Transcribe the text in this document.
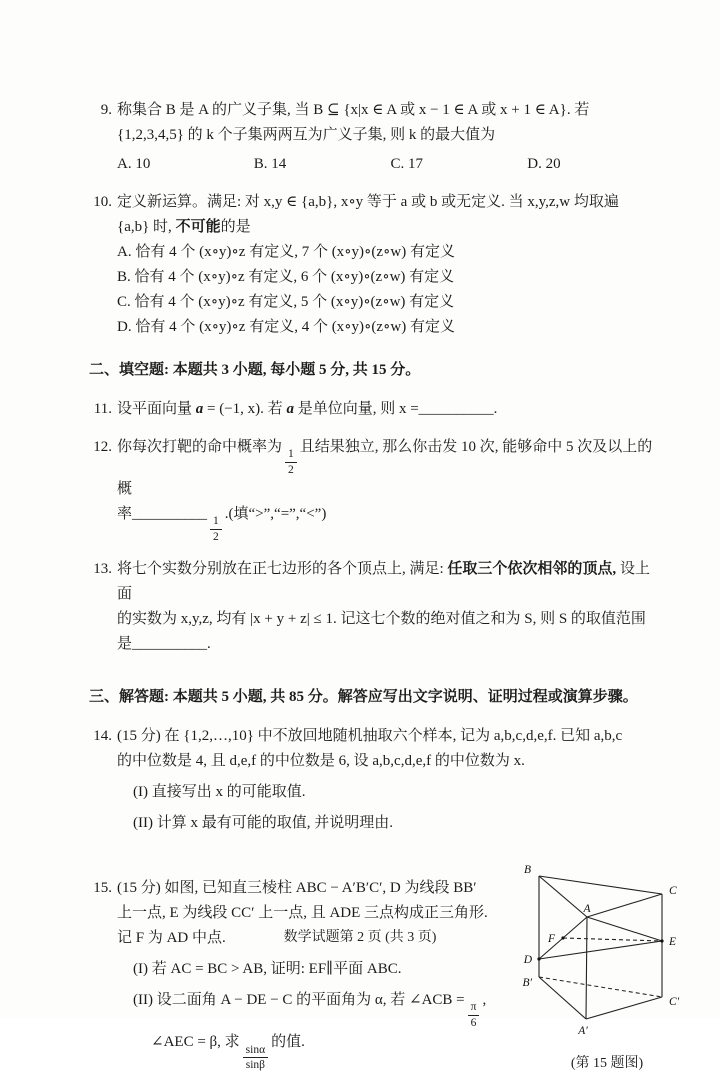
9. 称集合 B 是 A 的广义子集, 当 B ⊆ {x|x ∈ A 或 x − 1 ∈ A 或 x + 1 ∈ A}. 若
{1,2,3,4,5} 的 k 个子集两两互为广义子集, 则 k 的最大值为
A. 10	B. 14	C. 17	D. 20
10. 定义新运算。满足: 对 x,y ∈ {a,b}, x∘y 等于 a 或 b 或无定义. 当 x,y,z,w 均取遍
{a,b} 时, 不可能的是
A. 恰有 4 个 (x∘y)∘z 有定义, 7 个 (x∘y)∘(z∘w) 有定义
B. 恰有 4 个 (x∘y)∘z 有定义, 6 个 (x∘y)∘(z∘w) 有定义
C. 恰有 4 个 (x∘y)∘z 有定义, 5 个 (x∘y)∘(z∘w) 有定义
D. 恰有 4 个 (x∘y)∘z 有定义, 4 个 (x∘y)∘(z∘w) 有定义
二、填空题: 本题共 3 小题, 每小题 5 分, 共 15 分。
11. 设平面向量 a = (−1, x). 若 a 是单位向量, 则 x =__________.
12. 你每次打靶的命中概率为
$\frac{1}{2}$
且结果独立, 那么你击发 10 次, 能够命中 5 次及以上的概
率__________
$\frac{1}{2}$
.(填“>”,“=”,“<”)
13. 将七个实数分别放在正七边形的各个顶点上, 满足: 任取三个依次相邻的顶点, 设上面
的实数为 x,y,z, 均有 |x + y + z| ≤ 1. 记这七个数的绝对值之和为 S, 则 S 的取值范围
是__________.
三、解答题: 本题共 5 小题, 共 85 分。解答应写出文字说明、证明过程或演算步骤。
14. (15 分) 在 {1,2,…,10} 中不放回地随机抽取六个样本, 记为 a,b,c,d,e,f. 已知 a,b,c
的中位数是 4, 且 d,e,f 的中位数是 6, 设 a,b,c,d,e,f 的中位数为 x.
(I) 直接写出 x 的可能取值.
(II) 计算 x 最有可能的取值, 并说明理由.
15. (15 分) 如图, 已知直三棱柱 ABC − A′B′C′, D 为线段 BB′
上一点, E 为线段 CC′ 上一点, 且 ADE 三点构成正三角形.
记 F 为 AD 中点.
(I) 若 AC = BC > AB, 证明: EF∥平面 ABC.
(II) 设二面角 A − DE − C 的平面角为 α, 若 ∠ACB =
$\frac{\pi}{6}$
,
∠AEC = β, 求
$\frac{\sin\alpha}{\sin\beta}$
的值.
B
C
A
F	E
D
B′
C′
A′
(第 15 题图)
数学试题第 2 页 (共 3 页)
